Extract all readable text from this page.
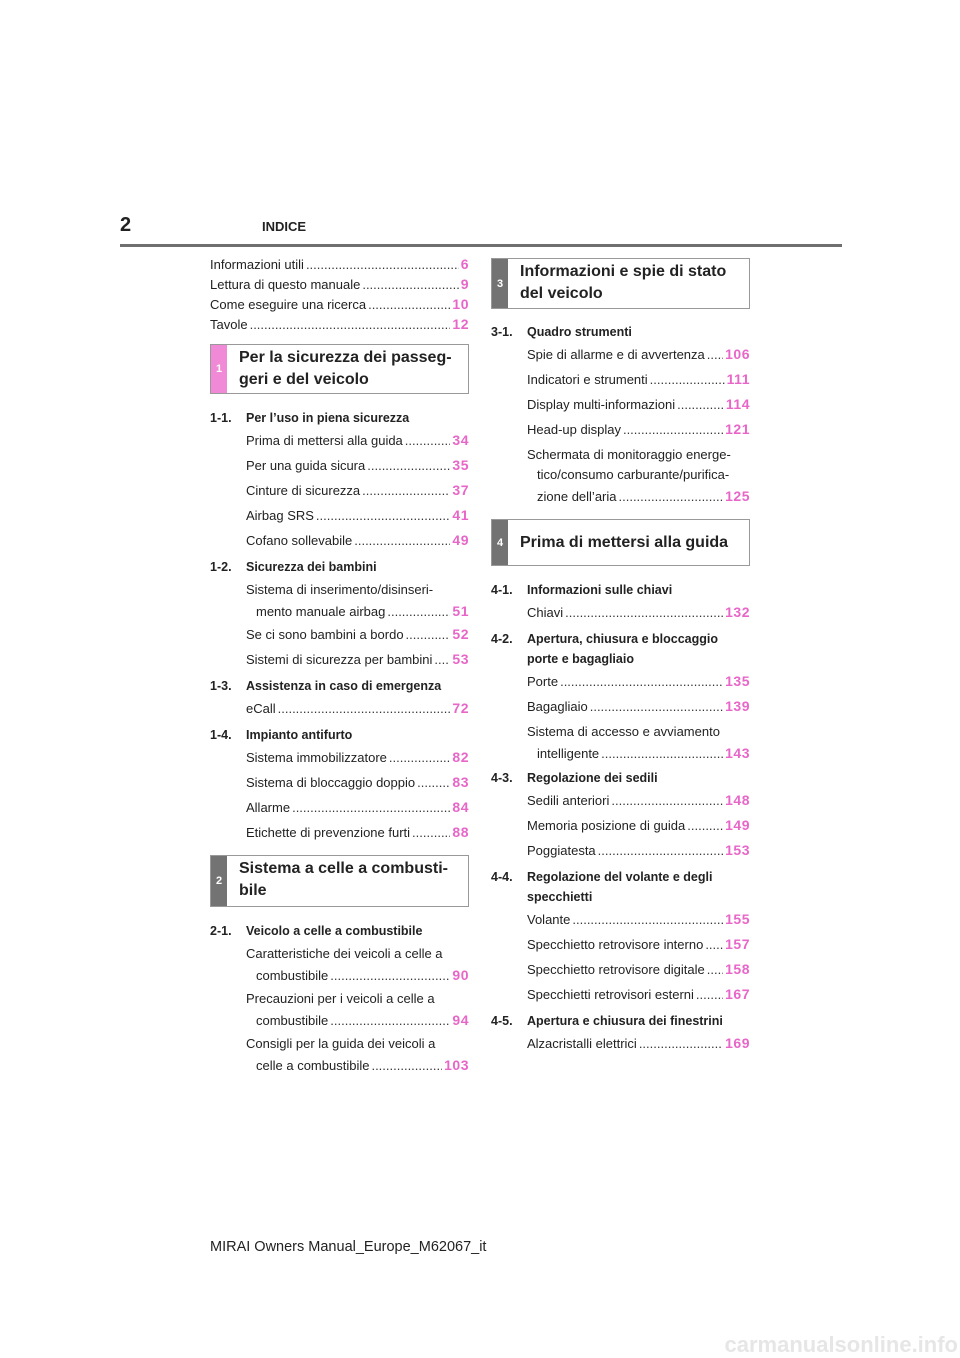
2	INDICE
Informazioni utili .....	6
Lettura di questo manuale .....	9
Come eseguire una ricerca .....	10
Tavole .....	12
1
Per la sicurezza dei passeg-
geri e del veicolo
1-1.	Per l’uso in piena sicurezza
Prima di mettersi alla guida .....	34
Per una guida sicura .....	35
Cinture di sicurezza .....	37
Airbag SRS .....	41
Cofano sollevabile .....	49
1-2.	Sicurezza dei bambini
Sistema di inserimento/disinseri-
mento manuale airbag .....	51
Se ci sono bambini a bordo .....	52
Sistemi di sicurezza per bambini ..... 53
1-3.	Assistenza in caso di emergenza
eCall .....	72
1-4.	Impianto antifurto
Sistema immobilizzatore .....	82
Sistema di bloccaggio doppio .....	83
Allarme .....	84
Etichette di prevenzione furti .....	88
2
Sistema a celle a combusti-
bile
2-1.	Veicolo a celle a combustibile
Caratteristiche dei veicoli a celle a
combustibile .....	90
Precauzioni per i veicoli a celle a
combustibile .....	94
Consigli per la guida dei veicoli a
celle a combustibile .....	103
3
Informazioni e spie di stato
del veicolo
3-1.	Quadro strumenti
Spie di allarme e di avvertenza ..... 106
Indicatori e strumenti .....	111
Display multi-informazioni .....	114
Head-up display .....	121
Schermata di monitoraggio energe-
tico/consumo carburante/purifica-
zione dell’aria .....	125
4	Prima di mettersi alla guida
4-1.	Informazioni sulle chiavi
Chiavi .....	132
4-2.	Apertura, chiusura e bloccaggio
porte e bagagliaio
Porte .....	135
Bagagliaio .....	139
Sistema di accesso e avviamento
intelligente .....	143
4-3.	Regolazione dei sedili
Sedili anteriori .....	148
Memoria posizione di guida .....	149
Poggiatesta .....	153
4-4.	Regolazione del volante e degli
specchietti
Volante .....	155
Specchietto retrovisore interno ..... 157
Specchietto retrovisore digitale ..... 158
Specchietti retrovisori esterni ..... 167
4-5.	Apertura e chiusura dei finestrini
Alzacristalli elettrici .....	169
MIRAI Owners Manual_Europe_M62067_it
carmanualsonline.info
